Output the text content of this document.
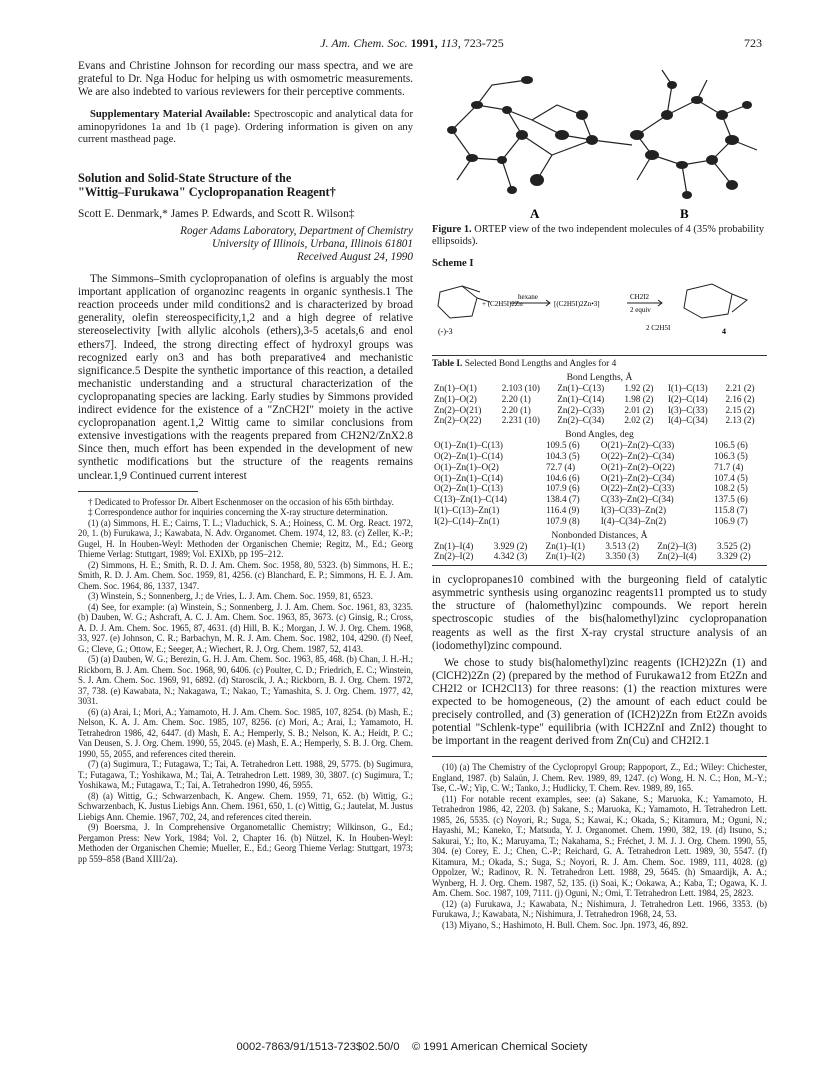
J. Am. Chem. Soc. 1991, 113, 723-725	723

Evans and Christine Johnson for recording our mass spectra, and we are grateful to Dr. Nga Hoduc for helping us with osmometric measurements. We are also indebted to various reviewers for their perceptive comments.

Supplementary Material Available: Spectroscopic and analytical data for aminopyridones 1a and 1b (1 page). Ordering information is given on any current masthead page.

Solution and Solid-State Structure of the
"Wittig–Furukawa" Cyclopropanation Reagent†
Scott E. Denmark,* James P. Edwards, and Scott R. Wilson‡
Roger Adams Laboratory, Department of Chemistry
University of Illinois, Urbana, Illinois 61801
Received August 24, 1990

The Simmons–Smith cyclopropanation of olefins is arguably the most important application of organozinc reagents in organic synthesis.1 The reaction proceeds under mild conditions2 and is characterized by broad generality, olefin stereospecificity,1,2 and a high degree of relative stereoselectivity [with allylic alcohols (ethers),3-5 acetals,6 and enol ethers7]. Indeed, the strong directing effect of hydroxyl groups was recognized early on3 and has both preparative4 and mechanistic significance.5 Despite the synthetic importance of this reaction, a detailed mechanistic understanding and a structural characterization of the cyclopropanating species are lacking. Early studies by Simmons provided indirect evidence for the existence of a "ZnCH2I" moiety in the active cyclopropanation agent.1,2 Wittig came to similar conclusions from extensive investigations with the reagents prepared from CH2N2/ZnX2.8 Since then, much effort has been expended in the development of new synthetic modifications but the structure of the reagents remains unclear.1,9 Continued current interest

† Dedicated to Professor Dr. Albert Eschenmoser on the occasion of his 65th birthday.

‡ Correspondence author for inquiries concerning the X-ray structure determination.

(1) (a) Simmons, H. E.; Cairns, T. L.; Vladuchick, S. A.; Hoiness, C. M. Org. React. 1972, 20, 1. (b) Furukawa, J.; Kawabata, N. Adv. Organomet. Chem. 1974, 12, 83. (c) Zeller, K.-P.; Gugel, H. In Houben-Weyl: Methoden der Organischen Chemie; Regitz, M., Ed.; Georg Thieme Verlag: Stuttgart, 1989; Vol. EXIXb, pp 195–212.

(2) Simmons, H. E.; Smith, R. D. J. Am. Chem. Soc. 1958, 80, 5323. (b) Simmons, H. E.; Smith, R. D. J. Am. Chem. Soc. 1959, 81, 4256. (c) Blanchard, E. P.; Simmons, H. E. J. Am. Chem. Soc. 1964, 86, 1337, 1347.

(3) Winstein, S.; Sonnenberg, J.; de Vries, L. J. Am. Chem. Soc. 1959, 81, 6523.

(4) See, for example: (a) Winstein, S.; Sonnenberg, J. J. Am. Chem. Soc. 1961, 83, 3235. (b) Dauben, W. G.; Ashcraft, A. C. J. Am. Chem. Soc. 1963, 85, 3673. (c) Ginsig, R.; Cross, A. D. J. Am. Chem. Soc. 1965, 87, 4631. (d) Hill, B. K.; Morgan, J. W. J. Org. Chem. 1968, 33, 927. (e) Johnson, C. R.; Barbachyn, M. R. J. Am. Chem. Soc. 1982, 104, 4290. (f) Neef, G.; Cleve, G.; Ottow, E.; Seeger, A.; Wiechert, R. J. Org. Chem. 1987, 52, 4143.

(5) (a) Dauben, W. G.; Berezin, G. H. J. Am. Chem. Soc. 1963, 85, 468. (b) Chan, J. H.-H.; Rickborn, B. J. Am. Chem. Soc. 1968, 90, 6406. (c) Poulter, C. D.; Friedrich, E. C.; Winstein, S. J. Am. Chem. Soc. 1969, 91, 6892. (d) Staroscik, J. A.; Rickborn, B. J. Org. Chem. 1972, 37, 738. (e) Kawabata, N.; Nakagawa, T.; Nakao, T.; Yamashita, S. J. Org. Chem. 1977, 42, 3031.

(6) (a) Arai, I.; Mori, A.; Yamamoto, H. J. Am. Chem. Soc. 1985, 107, 8254. (b) Mash, E.; Nelson, K. A. J. Am. Chem. Soc. 1985, 107, 8256. (c) Mori, A.; Arai, I.; Yamamoto, H. Tetrahedron 1986, 42, 6447. (d) Mash, E. A.; Hemperly, S. B.; Nelson, K. A.; Heidt, P. C.; Van Deusen, S. J. Org. Chem. 1990, 55, 2045. (e) Mash, E. A.; Hemperly, S. B. J. Org. Chem. 1990, 55, 2055, and references cited therein.

(7) (a) Sugimura, T.; Futagawa, T.; Tai, A. Tetrahedron Lett. 1988, 29, 5775. (b) Sugimura, T.; Futagawa, T.; Yoshikawa, M.; Tai, A. Tetrahedron Lett. 1989, 30, 3807. (c) Sugimura, T.; Yoshikawa, M.; Futagawa, T.; Tai, A. Tetrahedron 1990, 46, 5955.

(8) (a) Wittig, G.; Schwarzenbach, K. Angew. Chem. 1959, 71, 652. (b) Wittig, G.; Schwarzenbach, K. Justus Liebigs Ann. Chem. 1961, 650, 1. (c) Wittig, G.; Jautelat, M. Justus Liebigs Ann. Chemie. 1967, 702, 24, and references cited therein.

(9) Boersma, J. In Comprehensive Organometallic Chemistry; Wilkinson, G., Ed.; Pergamon Press: New York, 1984; Vol. 2, Chapter 16. (b) Nützel, K. In Houben-Weyl: Methoden der Organischen Chemie; Mueller, E., Ed.; Georg Thieme Verlag: Stuttgart, 1973; pp 559–858 (Band XIII/2a).

A	B
Figure 1. ORTEP view of the two independent molecules of 4 (35% probability ellipsoids).
Scheme I
(-)-3
+ (C2H5I)2Zn
hexane
[(C2H5I)2Zn•3]
CH2I2
2 equiv
2 C2H5I	4
Table I. Selected Bond Lengths and Angles for 4
Bond Lengths, Å
Zn(1)–O(1)	2.103 (10)	Zn(1)–C(13)	1.92 (2)	I(1)–C(13)	2.21 (2)
Zn(1)–O(2)	2.20 (1)	Zn(1)–C(14)	1.98 (2)	I(2)–C(14)	2.16 (2)
Zn(2)–O(21)	2.20 (1)	Zn(2)–C(33)	2.01 (2)	I(3)–C(33)	2.15 (2)
Zn(2)–O(22)	2.231 (10)	Zn(2)–C(34)	2.02 (2)	I(4)–C(34)	2.13 (2)
Bond Angles, deg
O(1)–Zn(1)–C(13)	109.5 (6)	O(21)–Zn(2)–C(33)	106.5 (6)
O(2)–Zn(1)–C(14)	104.3 (5)	O(22)–Zn(2)–C(34)	106.3 (5)
O(1)–Zn(1)–O(2)	72.7 (4)	O(21)–Zn(2)–O(22)	71.7 (4)
O(1)–Zn(1)–C(14)	104.6 (6)	O(21)–Zn(2)–C(34)	107.4 (5)
O(2)–Zn(1)–C(13)	107.9 (6)	O(22)–Zn(2)–C(33)	108.2 (5)
C(13)–Zn(1)–C(14)	138.4 (7)	C(33)–Zn(2)–C(34)	137.5 (6)
I(1)–C(13)–Zn(1)	116.4 (9)	I(3)–C(33)–Zn(2)	115.8 (7)
I(2)–C(14)–Zn(1)	107.9 (8)	I(4)–C(34)–Zn(2)	106.9 (7)
Nonbonded Distances, Å
Zn(1)–I(4)	3.929 (2)	Zn(1)–I(1)	3.513 (2)	Zn(2)–I(3)	3.525 (2)
Zn(2)–I(2)	4.342 (3)	Zn(1)–I(2)	3.350 (3)	Zn(2)–I(4)	3.329 (2)

in cyclopropanes10 combined with the burgeoning field of catalytic asymmetric synthesis using organozinc reagents11 prompted us to study the structure of (halomethyl)zinc compounds. We report herein spectroscopic studies of the bis(halomethyl)zinc cyclopropanation reagents as well as the first X-ray crystal structure analysis of an (iodomethyl)zinc compound.

We chose to study bis(halomethyl)zinc reagents (ICH2)2Zn (1) and (ClCH2)2Zn (2) (prepared by the method of Furukawa12 from Et2Zn and CH2I2 or ICH2Cl13) for three reasons: (1) the reaction mixtures were expected to be homogeneous, (2) the amount of each educt could be precisely controlled, and (3) generation of (ICH2)2Zn from Et2Zn avoids potential "Schlenk-type" equilibria (with ICH2ZnI and ZnI2) thought to be important in the reagent derived from Zn(Cu) and CH2I2.1

(10) (a) The Chemistry of the Cyclopropyl Group; Rappoport, Z., Ed.; Wiley: Chichester, England, 1987. (b) Salaün, J. Chem. Rev. 1989, 89, 1247. (c) Wong, H. N. C.; Hon, M.-Y.; Tse, C.-W.; Yip, C. W.; Tanko, J.; Hudlicky, T. Chem. Rev. 1989, 89, 165.

(11) For notable recent examples, see: (a) Sakane, S.; Maruoka, K.; Yamamoto, H. Tetrahedron 1986, 42, 2203. (b) Sakane, S.; Maruoka, K.; Yamamoto, H. Tetrahedron Lett. 1985, 26, 5535. (c) Noyori, R.; Suga, S.; Kawai, K.; Okada, S.; Kitamura, M.; Oguni, N.; Hayashi, M.; Kaneko, T.; Matsuda, Y. J. Organomet. Chem. 1990, 382, 19. (d) Itsuno, S.; Sakurai, Y.; Ito, K.; Maruyama, T.; Nakahama, S.; Fréchet, J. M. J. J. Org. Chem. 1990, 55, 304. (e) Corey, E. J.; Chen, C.-P.; Reichard, G. A. Tetrahedron Lett. 1989, 30, 5547. (f) Kitamura, M.; Okada, S.; Suga, S.; Noyori, R. J. Am. Chem. Soc. 1989, 111, 4028. (g) Oppolzer, W.; Radinov, R. N. Tetrahedron Lett. 1988, 29, 5645. (h) Smaardijk, A. A.; Wynberg, H. J. Org. Chem. 1987, 52, 135. (i) Soai, K.; Ookawa, A.; Kaba, T.; Ogawa, K. J. Am. Chem. Soc. 1987, 109, 7111. (j) Oguni, N.; Omi, T. Tetrahedron Lett. 1984, 25, 2823.

(12) (a) Furukawa, J.; Kawabata, N.; Nishimura, J. Tetrahedron Lett. 1966, 3353. (b) Furukawa, J.; Kawabata, N.; Nishimura, J. Tetrahedron 1968, 24, 53.

(13) Miyano, S.; Hashimoto, H. Bull. Chem. Soc. Jpn. 1973, 46, 892.

0002-7863/91/1513-723$02.50/0 © 1991 American Chemical Society
